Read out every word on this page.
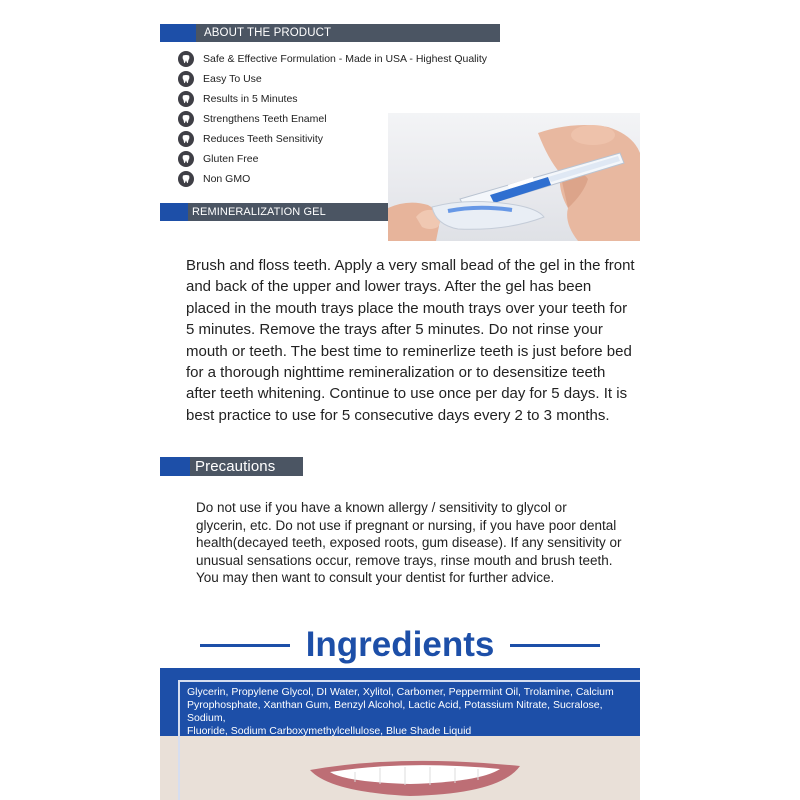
ABOUT THE PRODUCT
Safe & Effective Formulation - Made in USA - Highest Quality
Easy To Use
Results in 5 Minutes
Strengthens Teeth Enamel
Reduces Teeth Sensitivity
Gluten Free
Non GMO
REMINERALIZATION GEL INSTRUCTIONS
Brush and floss teeth. Apply a very small bead of the gel in the front
and back of the upper and lower trays. After the gel has been
placed in the mouth trays place the mouth trays over your teeth for
5 minutes. Remove the trays after 5 minutes. Do not rinse your
mouth or teeth. The best time to reminerlize teeth is just before bed
for a thorough nighttime remineralization or to desensitize teeth
after teeth whitening. Continue to use once per day for 5 days. It is
best practice to use for 5 consecutive days every 2 to 3 months.
Precautions
Do not use if you have a known allergy / sensitivity to glycol or
glycerin, etc. Do not use if pregnant or nursing, if you have poor dental
health(decayed teeth, exposed roots, gum disease). If any sensitivity or
unusual sensations occur, remove trays, rinse mouth and brush teeth.
You may then want to consult your dentist for further advice.
Ingredients
Glycerin, Propylene Glycol, DI Water, Xylitol, Carbomer, Peppermint Oil, Trolamine, Calcium
Pyrophosphate, Xanthan Gum, Benzyl Alcohol, Lactic Acid, Potassium Nitrate, Sucralose, Sodium,
Fluoride, Sodium Carboxymethylcellulose, Blue Shade Liquid
